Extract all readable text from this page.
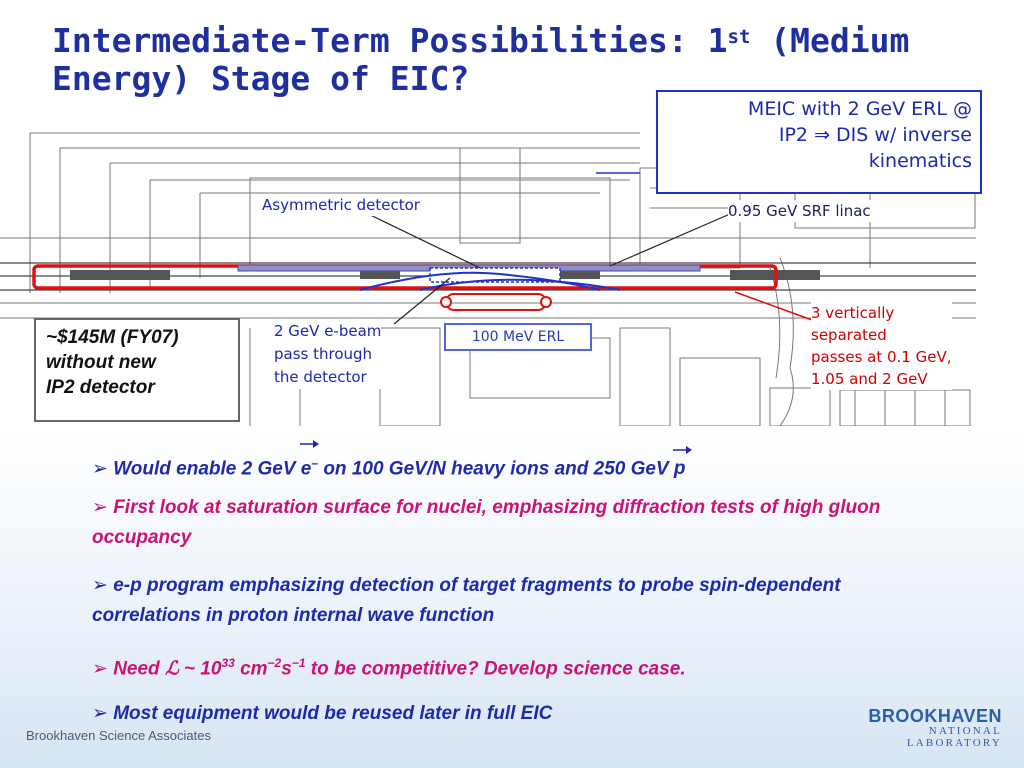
Intermediate-Term Possibilities: 1st (Medium Energy) Stage of EIC?
Asymmetric detector	0.95 GeV SRF linac
2 GeV e-beam
pass through
the detector
3 vertically
separated
passes at 0.1 GeV,
1.05 and 2 GeV
100 MeV ERL
MEIC with 2 GeV ERL @
IP2 ⇒ DIS w/ inverse
kinematics
~$145M (FY07)
without new
IP2 detector
➢ Would enable 2 GeV
e– on 100 GeV/N heavy ions and 250 GeV
p
➢ First look at saturation surface for nuclei, emphasizing diffraction tests of high gluon occupancy
➢ e-p program emphasizing detection of target fragments to probe spin-dependent correlations in proton internal wave function
➢ Need ℒ ~ $10^{33}$ $cm^{-2}s^{-1}$ to be competitive? Develop science case.
➢ Most equipment would be reused later in full EIC
Brookhaven Science Associates
BROOKHAVEN
NATIONAL LABORATORY
